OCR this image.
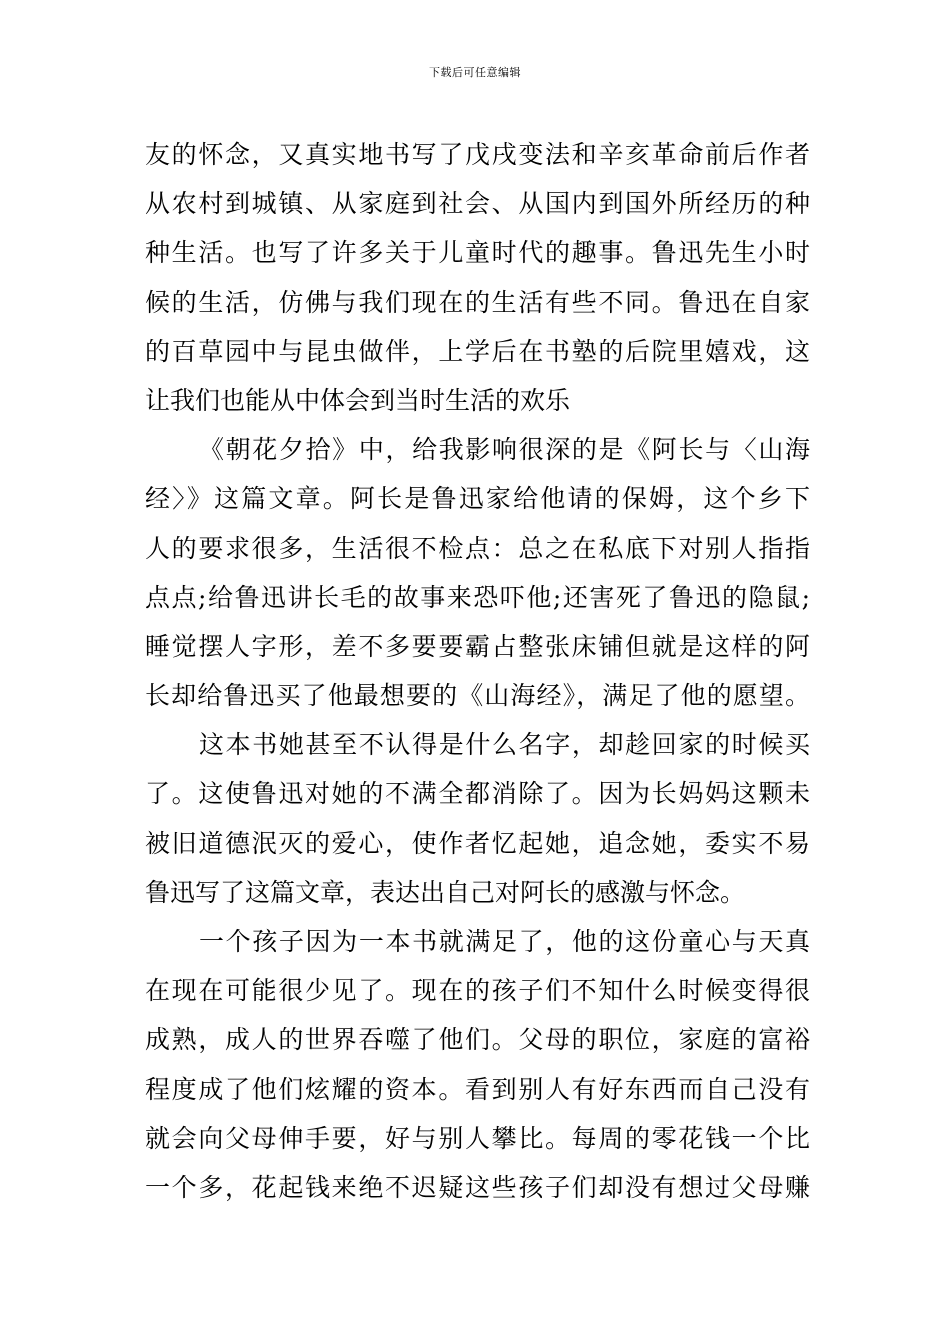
下载后可任意编辑
友的怀念，又真实地书写了戊戌变法和辛亥革命前后作者
从农村到城镇、从家庭到社会、从国内到国外所经历的种
种生活。也写了许多关于儿童时代的趣事。鲁迅先生小时
候的生活，仿佛与我们现在的生活有些不同。鲁迅在自家
的百草园中与昆虫做伴，上学后在书塾的后院里嬉戏，这
让我们也能从中体会到当时生活的欢乐
《朝花夕拾》中，给我影响很深的是《阿长与〈山海
经〉》这篇文章。阿长是鲁迅家给他请的保姆，这个乡下
人的要求很多，生活很不检点：总之在私底下对别人指指
点点;给鲁迅讲长毛的故事来恐吓他;还害死了鲁迅的隐鼠;
睡觉摆人字形，差不多要要霸占整张床铺但就是这样的阿
长却给鲁迅买了他最想要的《山海经》，满足了他的愿望。
这本书她甚至不认得是什么名字，却趁回家的时候买
了。这使鲁迅对她的不满全都消除了。因为长妈妈这颗未
被旧道德泯灭的爱心，使作者忆起她，追念她，委实不易
鲁迅写了这篇文章，表达出自己对阿长的感激与怀念。
一个孩子因为一本书就满足了，他的这份童心与天真
在现在可能很少见了。现在的孩子们不知什么时候变得很
成熟，成人的世界吞噬了他们。父母的职位，家庭的富裕
程度成了他们炫耀的资本。看到别人有好东西而自己没有
就会向父母伸手要，好与别人攀比。每周的零花钱一个比
一个多，花起钱来绝不迟疑这些孩子们却没有想过父母赚
